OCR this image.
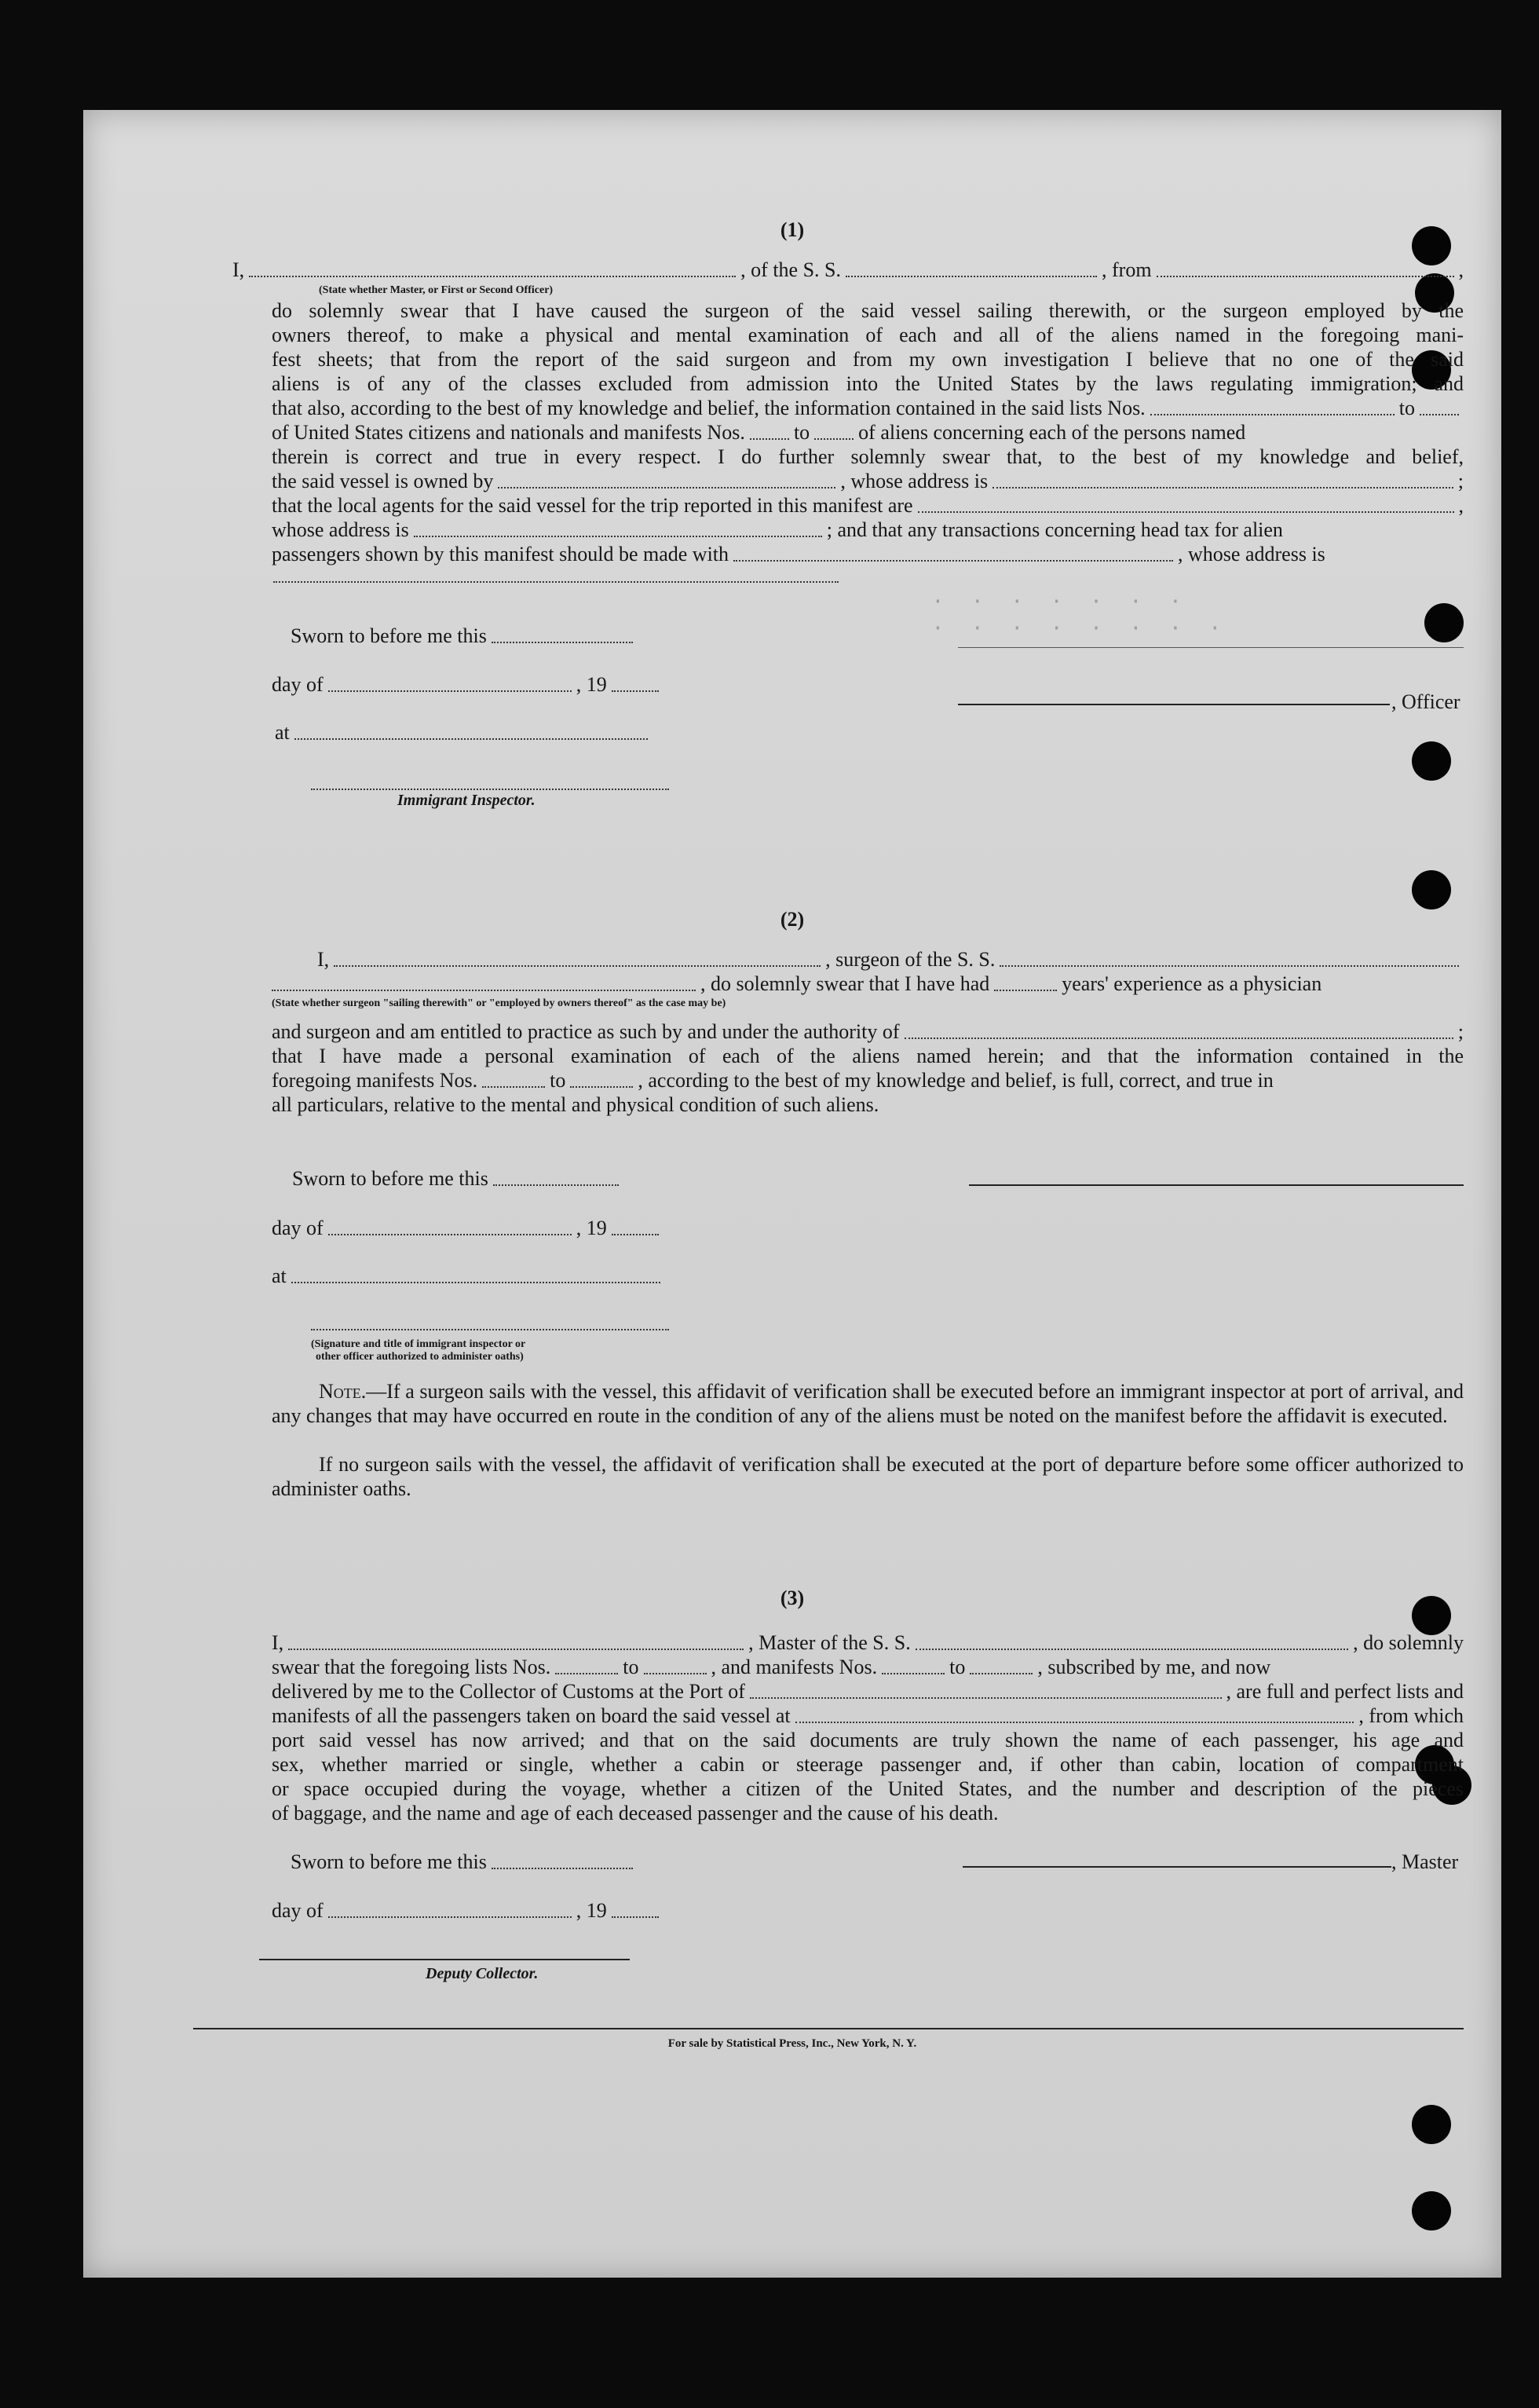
·  ·  ·  ·  ·  ·  ·
·  ·  ·  ·  ·  ·  ·  ·
(1)
I,	, of the S. S.	, from	,
(State whether Master, or First or Second Officer)
do solemnly swear that I have caused the surgeon of the said vessel sailing therewith, or the surgeon employed by the
owners thereof, to make a physical and mental examination of each and all of the aliens named in the foregoing mani-
fest sheets; that from the report of the said surgeon and from my own investigation I believe that no one of the said
aliens is of any of the classes excluded from admission into the United States by the laws regulating immigration; and
that also, according to the best of my knowledge and belief, the information contained in the said lists Nos.	to
of United States citizens and nationals and manifests Nos. to of aliens concerning each of the persons named
therein is correct and true in every respect. I do further solemnly swear that, to the best of my knowledge and belief,
the said vessel is owned by	, whose address is	;
that the local agents for the said vessel for the trip reported in this manifest are	,
whose address is	; and that any transactions concerning head tax for alien
passengers shown by this manifest should be made with	, whose address is
Sworn to before me this
day of	, 19
, Officer
at
Immigrant Inspector.
(2)
I,	, surgeon of the S. S.
, do solemnly swear that I have had	years' experience as a physician
(State whether surgeon "sailing therewith" or "employed by owners thereof" as the case may be)
and surgeon and am entitled to practice as such by and under the authority of	;
that I have made a personal examination of each of the aliens named herein; and that the information contained in the
foregoing manifests Nos.	to	, according to the best of my knowledge and belief, is full, correct, and true in
all particulars, relative to the mental and physical condition of such aliens.
Sworn to before me this
day of	, 19
at
(Signature and title of immigrant inspector or
other officer authorized to administer oaths)
Note.—If a surgeon sails with the vessel, this affidavit of verification shall be executed before an immigrant inspector at port of arrival, and any changes that may have occurred en route in the condition of any of the aliens must be noted on the manifest before the affidavit is executed.
If no surgeon sails with the vessel, the affidavit of verification shall be executed at the port of departure before some officer authorized to administer oaths.
(3)
I,	, Master of the S. S.	, do solemnly
swear that the foregoing lists Nos.	to	, and manifests Nos.	to	, subscribed by me, and now
delivered by me to the Collector of Customs at the Port of	, are full and perfect lists and
manifests of all the passengers taken on board the said vessel at	, from which
port said vessel has now arrived; and that on the said documents are truly shown the name of each passenger, his age and
sex, whether married or single, whether a cabin or steerage passenger and, if other than cabin, location of compartment
or space occupied during the voyage, whether a citizen of the United States, and the number and description of the pieces
of baggage, and the name and age of each deceased passenger and the cause of his death.
Sworn to before me this	, Master
day of	, 19
Deputy Collector.
For sale by Statistical Press, Inc., New York, N. Y.
